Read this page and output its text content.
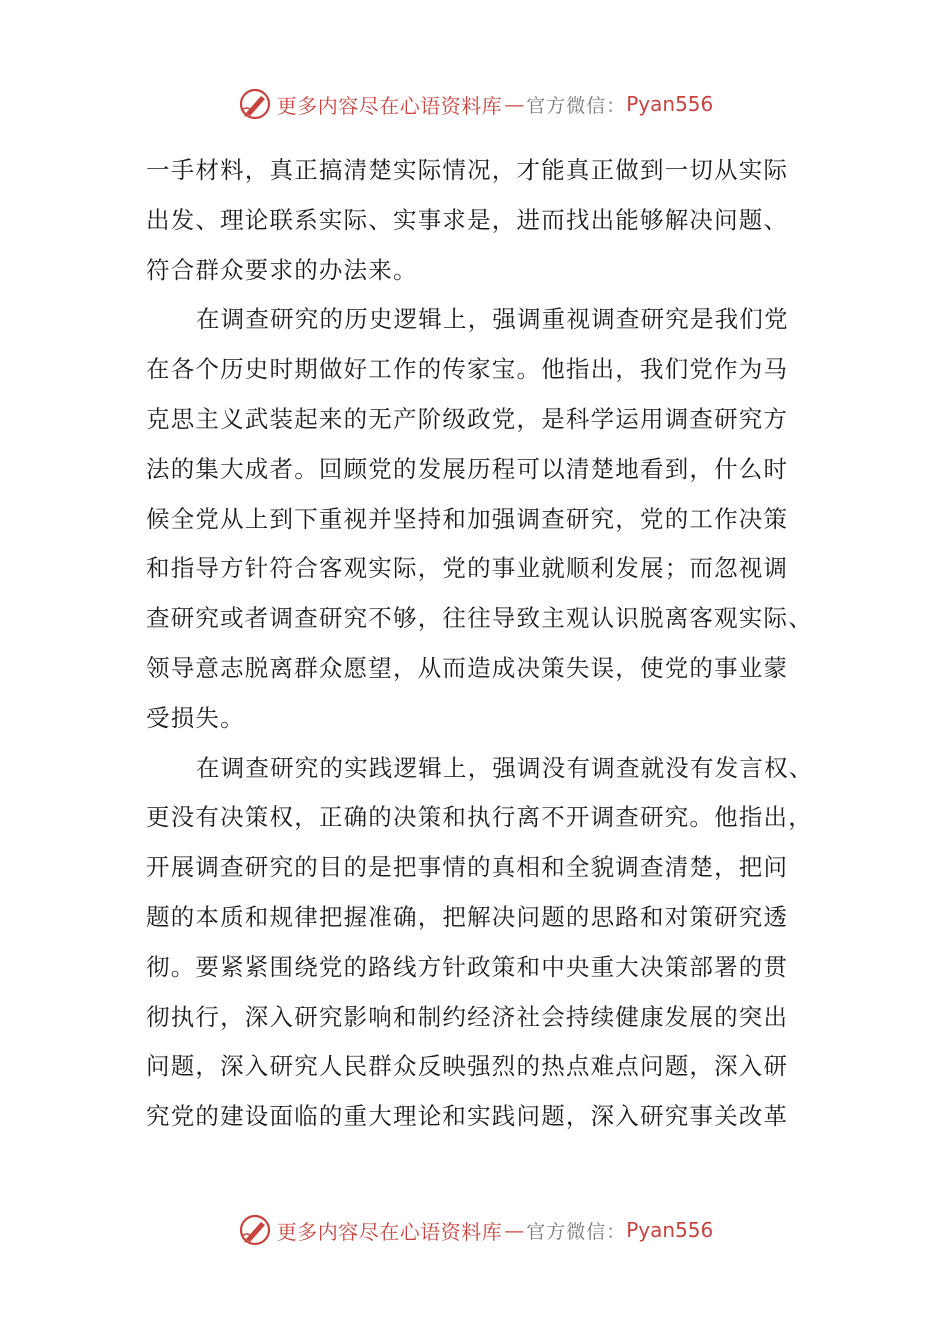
更多内容尽在心语资料库 — 官方微信： Pyan556
一手材料，真正搞清楚实际情况，才能真正做到一切从实际
出发、理论联系实际、实事求是，进而找出能够解决问题、
符合群众要求的办法来。
在调查研究的历史逻辑上，强调重视调查研究是我们党
在各个历史时期做好工作的传家宝。他指出，我们党作为马
克思主义武装起来的无产阶级政党，是科学运用调查研究方
法的集大成者。回顾党的发展历程可以清楚地看到，什么时
候全党从上到下重视并坚持和加强调查研究，党的工作决策
和指导方针符合客观实际，党的事业就顺利发展；而忽视调
查研究或者调查研究不够，往往导致主观认识脱离客观实际、
领导意志脱离群众愿望，从而造成决策失误，使党的事业蒙
受损失。
在调查研究的实践逻辑上，强调没有调查就没有发言权、
更没有决策权，正确的决策和执行离不开调查研究。他指出，
开展调查研究的目的是把事情的真相和全貌调查清楚，把问
题的本质和规律把握准确，把解决问题的思路和对策研究透
彻。要紧紧围绕党的路线方针政策和中央重大决策部署的贯
彻执行，深入研究影响和制约经济社会持续健康发展的突出
问题，深入研究人民群众反映强烈的热点难点问题，深入研
究党的建设面临的重大理论和实践问题，深入研究事关改革
更多内容尽在心语资料库 — 官方微信： Pyan556
